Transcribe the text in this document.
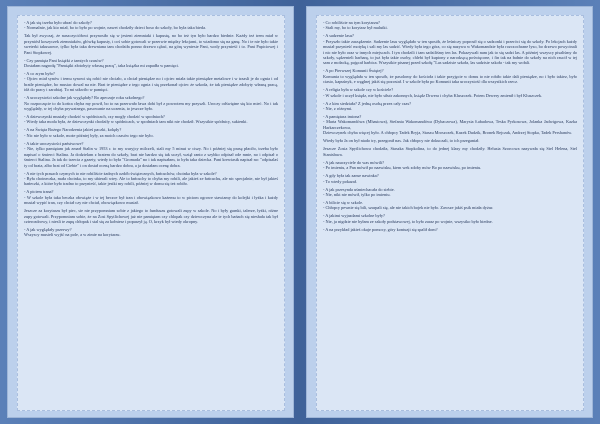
- A jak się trzeba było ubrać do szkoły?
- Normalnie, jak kto miał, bo to było po wojnie, nawet chodziły dzieci boso do szkoły, bo była taka bieda.

Tak był zwyczaj, że naszczyciółowi przynosiło się w jesieni ziemniaki i kapustę, no bo też tyn było bardzo biednie. Każdy też trem miał w przyniósł koszyczek ziemniaków, główkę kapusty, i coś sobie gotowali w przerwie między lekcjami, to wiadomo się na ganę. No i te nie było takie sweterki takusaowe, tylko była taka drewniana tam chodziła ponno drzewo rąbać, na górę wyniesie Pani, wody przynieść i to. Pani Papiciowej i Pani Stopkowej.

- Czy pamięta Pani książki z tamtych czasów?
Dostałam nagrodę "Pamiątki złotobyty własną pracę", taka książka mi zapadła w pamięci.

- A co zrym było?
- Ojciec miał synów i temu synowi się robić nie chciało, a chciał pieniądze no i ojciec miała takie pieniądze metalowe i w trzasli je do ognia i od bratle pieniądze, bo musiac dowal na nie. Brat te pieniądze z tego ognia i się przekonał ojciec że szkoda, że tak pieniądze zdobyty własną pracą, idź do pracy i zarabiaj. To mi utkwiło w pamięci.

- A uroczystości szkolne jak wyglądały? Ro apeczaje roku szkolnego?
No rozpoczęcie to do końca chyba my powił, bo to na przerwało ława dobi był z powrotem my przyszli. Uroczy odświętne się kto mieć. No i tak wyglądały, w tej chyba prywatnego, pasowanie na uczenia, to jeszcze było.

- A dziewczynki musiały chodzić w spódnicach, czy mogły chodzić w spodniach?
- Wtedy taka moda była, że dziewczynki chodziły w spódnicach, w spodniach tam nikt nie chodził. Wszystkie spódnicy, sukienki.

- A na Święta Bożego Narodzenia jakieś paczki, kolędy?
- Nic nie było w szkole, może później były, za moich czasów tego nie było.

- A takie uroczystości państwowe?
- Nie, tylko pamiętam jak zmarł Stalin w 1953 r. to my waryjcy milczeli, stali my 5 minut w ciszy. No i później się prasę płaciło, trzeba było napisać o śmierci Stalina. Ja dodzielam z bratem do szkoły, brat nie bardzo się tak uczył, wziął ranto z szybko odpisał ode mnie, no i odpisał o śmierci Stalina. Ja tak do trzecia z gazety, wtedy to była "Gromada" no i tak napisałam, to była taka dziecka. Pani krewiastk napisał no: "odpisalaś ty od brata, albo brat od Ciebie" i on dostał oceną bardzo dobra, a ja dostałam ocenę dobra.

- A nie tych prasach czymych to nie robiliście żadnych ozdób świątecznych, łańcuchów, choinka była w szkole?
- Była choineczka, mała choinka, to my ubierali wtey. Ale to łańcuchy to chyba my robili, ale jakieś ze łańcuchu, ale nic specjalnie, nie był jakieś bańeczki, z które było tradno to przynieść, takie jestki my robili, później w domu się też robiło.

- A piciem trana?
- W szkole była taka beczka ołowiąże i w tej beczce był tran i obowiązkowo każemu to w piciom ogrowe stawiamy do kolejki i łyżka i każdy musiał wypić tran, czy chciał czy nie chciał, obowiązkowo musiał.

Jeszcze za korytarzu był piec, sie nie przypomniam sobie z jakiego to funduszu gotowali zupy w szkole. No i były garnki, talerze, łyżki, różne zupy gotowali. Przypomniam sobie, że na Zosi Spytlichowej już nie pamiętam czy chlopak czy dziewczyna ale te tych bańach się niesłada tak był czterozdrowy, i niesli te zupę chłopak i stal się za kołnierz i poparzył ją. O, krzyk był wtedy okropny.

- A jak wyglądały przerwy?
Wszyscy musieli wyjść na pole, a w zimie na korytarzu.

- Co robiliście na tym korytarzu?
- Stali my, bo to korytarz był malutki.

- A sadzenie lasu?
- Przyszło takie zarządzenie. Sadzenie lasu wyglądało w ten sposób, że leśniczy poprosił się o sadzonki i przeróci się do szkoły. Po lekcjach każdy musiał przynieść motykę i sali my las sadzić. Wtedy była tego góra, co się nazywa w Wakomandzie była rozczochrane łyso, bo drzewo powycinali i nic nie było oraz w innych miejscach. I tyn chodzili i tam sadziliśmy ten las. Pokazywali nam jak to się sadzi las. A później wszyscy pisaliśmy do szkoły, sądzenieli harharę, to już była takie osoby, chlebi był kupiony z narodzącą poświęcone, i fin tak na ładnie do szkoły na nich rzucił w tej sam z mołacką, pajęcał harbica. Wszystkie pisanej przed szkołę "Las sadzisie szkoła, las sadzisie szkoła - tak my wołali.

- A po Pierwszej Komunii Świętej?
Komunia to wyglądała w ten sposób, że pasolomy do kościoła i takie przyjęcie w domu to nie robiło takie dali pieniądze, no i było takiez, było ciasto, kapuśnyk, e węglnej jakiś się pozostał. I w szkole była po Komunii taka uroczystość dla wszystkich rzecz.

- A religia była w szkole czy w kościele?
- W szkole i uczył księdz, nie było siłutr zakonnych, ksiądz Drwera i chyba Kluszczek. Potem Dewery zmienił i był Kluszczek.

- A z kim siedziała? Z jedną osobą przez cały czas?
- Nie, z różnymi.

- A pamiętasz imiona?
- Marta Wakomandówa (Mhasiowa), Stefania Wakomandówa (Dybaczowa), Marysia Łabadowa, Teska Pyrkosowa, Jolanka Jadwigowa, Kazka Harkarczekowa,
Dziewczynek chyba więcej było. A chłopcy Tadek Bryja, Staszu Mroszczek, Kazek Dudzik, Bronek Rejczak, Andrzej Stopka, Tadek Pershanów.

Wtedy była Ja on był niado try, przegonił nas. Jak chłopcy nie dokuczali, to ich przeganiał.

Jeszcze Zosia Spytlichowa chodziła, Staszka Stopkolina, to do jednej klasy my chodziły. Helusia Szorcowa nazywała się Stel Helena, Stel Stanisława.

- A jak nauczyciele do was mówili?
- Po imieniu, a Pan mówił po nazwisku, kiem wek zdoby mów Bo po nazwisku, po imieniu.

- A gdy była tak zanse nawinka?
- To wtedy pokazał.

- A jak przesynda uśmiechacała do siebie.
- Nie, nikt nie mówił, tylko po imieniu.

- A bilicie się w szkole.
- Chłopcy pewnie się bili, szarpali się, ale nie takich bojek nie było. Zawsze jakiś psik miała dyżur.

- A jakimi wyjazdami szkolne były?
- Nie, ja nigdzie nie byłam ze szkoły podstawowej, to było zaraz po wojnie, wszystko było biedne.

- A na przykład jakieś okaje pomocy, góry kontuzji się spalił dom?
